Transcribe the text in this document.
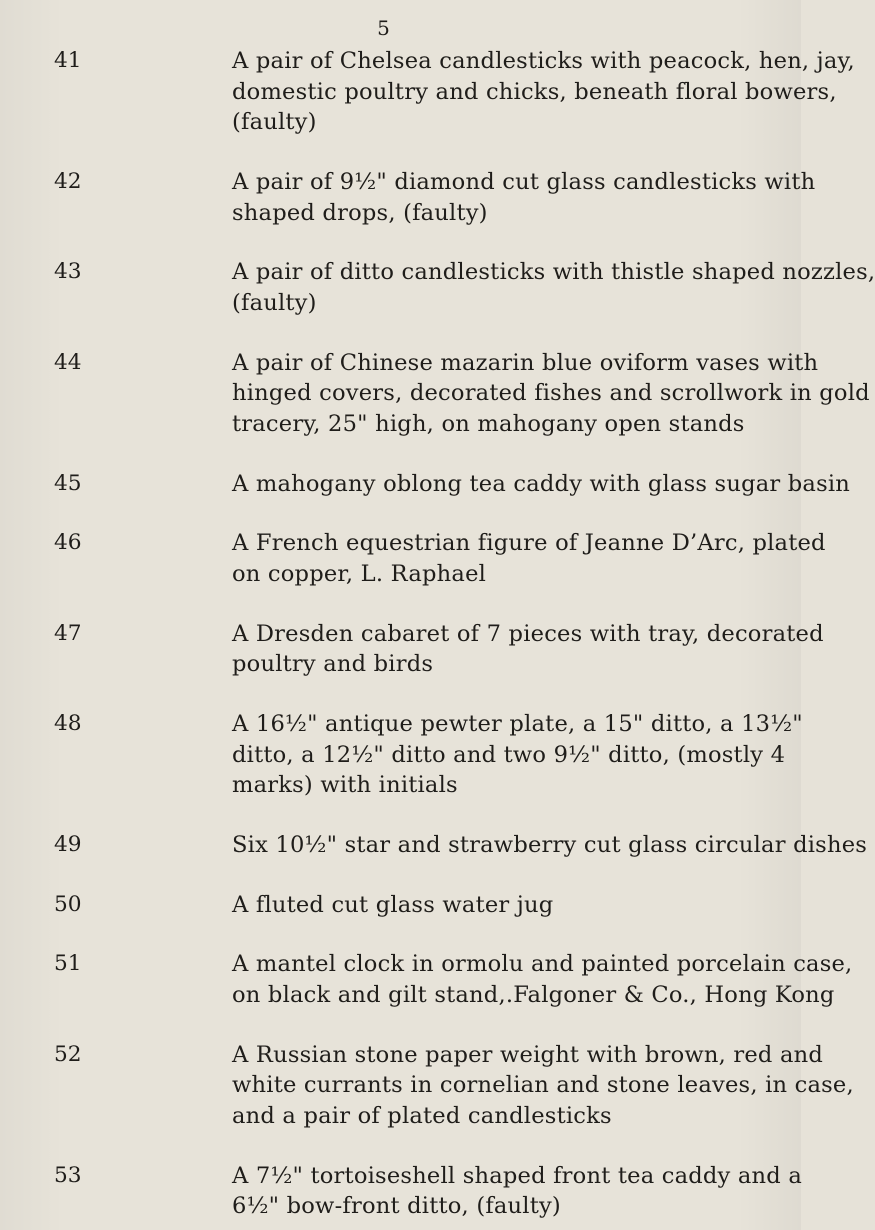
5
41	A pair of Chelsea candlesticks with peacock, hen, jay,
domestic poultry and chicks, beneath floral bowers,
(faulty)
42	A pair of 9½" diamond cut glass candlesticks with
shaped drops, (faulty)
43	A pair of ditto candlesticks with thistle shaped nozzles,
(faulty)
44	A pair of Chinese mazarin blue oviform vases with
hinged covers, decorated fishes and scrollwork in gold
tracery, 25" high, on mahogany open stands
45	A mahogany oblong tea caddy with glass sugar basin
46	A French equestrian figure of Jeanne D’Arc, plated
on copper, L. Raphael
47	A Dresden cabaret of 7 pieces with tray, decorated
poultry and birds
48	A 16½" antique pewter plate, a 15" ditto, a 13½"
ditto, a 12½" ditto and two 9½" ditto, (mostly 4
marks) with initials
49	Six 10½" star and strawberry cut glass circular dishes
50	A fluted cut glass water jug
51	A mantel clock in ormolu and painted porcelain case,
on black and gilt stand,.Falgoner & Co., Hong Kong
52	A Russian stone paper weight with brown, red and
white currants in cornelian and stone leaves, in case,
and a pair of plated candlesticks
53	A 7½" tortoiseshell shaped front tea caddy and a
6½" bow-front ditto, (faulty)
